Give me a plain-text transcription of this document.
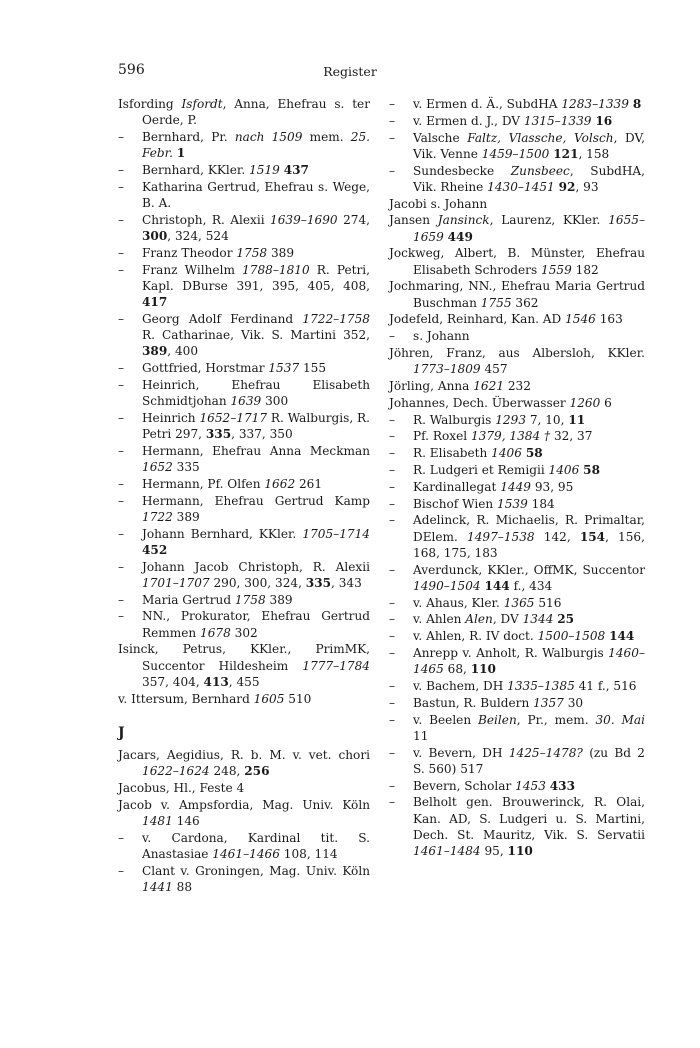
596	Register
Isfording Isfordt, Anna, Ehefrau s. ter Oerde, P.
– Bernhard, Pr. nach 1509 mem. 25. Febr. 1
– Bernhard, KKler. 1519 437
– Katharina Gertrud, Ehefrau s. Wege, B. A.
– Christoph, R. Alexii 1639–1690 274, 300, 324, 524
– Franz Theodor 1758 389
– Franz Wilhelm 1788–1810 R. Petri, Kapl. DBurse 391, 395, 405, 408, 417
– Georg Adolf Ferdinand 1722–1758 R. Catharinae, Vik. S. Martini 352, 389, 400
– Gottfried, Horstmar 1537 155
– Heinrich, Ehefrau Elisabeth Schmidtjohan 1639 300
– Heinrich 1652–1717 R. Walburgis, R. Petri 297, 335, 337, 350
– Hermann, Ehefrau Anna Meckman 1652 335
– Hermann, Pf. Olfen 1662 261
– Hermann, Ehefrau Gertrud Kamp 1722 389
– Johann Bernhard, KKler. 1705–1714 452
– Johann Jacob Christoph, R. Alexii 1701–1707 290, 300, 324, 335, 343
– Maria Gertrud 1758 389
– NN., Prokurator, Ehefrau Gertrud Remmen 1678 302
Isinck, Petrus, KKler., PrimMK, Succentor Hildesheim 1777–1784 357, 404, 413, 455
v. Ittersum, Bernhard 1605 510
J
Jacars, Aegidius, R. b. M. v. vet. chori 1622–1624 248, 256
Jacobus, Hl., Feste 4
Jacob v. Ampsfordia, Mag. Univ. Köln 1481 146
– v. Cardona, Kardinal tit. S. Anastasiae 1461–1466 108, 114
– Clant v. Groningen, Mag. Univ. Köln 1441 88
– v. Ermen d. Ä., SubdHA 1283–1339 8
– v. Ermen d. J., DV 1315–1339 16
– Valsche Faltz, Vlassche, Volsch, DV, Vik. Venne 1459–1500 121, 158
– Sundesbecke Zunsbeec, SubdHA, Vik. Rheine 1430–1451 92, 93
Jacobi s. Johann
Jansen Jansinck, Laurenz, KKler. 1655–1659 449
Jockweg, Albert, B. Münster, Ehefrau Elisabeth Schroders 1559 182
Jochmaring, NN., Ehefrau Maria Gertrud Buschman 1755 362
Jodefeld, Reinhard, Kan. AD 1546 163
– s. Johann
Jöhren, Franz, aus Albersloh, KKler. 1773–1809 457
Jörling, Anna 1621 232
Johannes, Dech. Überwasser 1260 6
– R. Walburgis 1293 7, 10, 11
– Pf. Roxel 1379, 1384 † 32, 37
– R. Elisabeth 1406 58
– R. Ludgeri et Remigii 1406 58
– Kardinallegat 1449 93, 95
– Bischof Wien 1539 184
– Adelinck, R. Michaelis, R. Primaltar, DElem. 1497–1538 142, 154, 156, 168, 175, 183
– Averdunck, KKler., OffMK, Succentor 1490–1504 144 f., 434
– v. Ahaus, Kler. 1365 516
– v. Ahlen Alen, DV 1344 25
– v. Ahlen, R. IV doct. 1500–1508 144
– Anrepp v. Anholt, R. Walburgis 1460–1465 68, 110
– v. Bachem, DH 1335–1385 41 f., 516
– Bastun, R. Buldern 1357 30
– v. Beelen Beilen, Pr., mem. 30. Mai 11
– v. Bevern, DH 1425–1478? (zu Bd 2 S. 560) 517
– Bevern, Scholar 1453 433
– Belholt gen. Brouwerinck, R. Olai, Kan. AD, S. Ludgeri u. S. Martini, Dech. St. Mauritz, Vik. S. Servatii 1461–1484 95, 110
